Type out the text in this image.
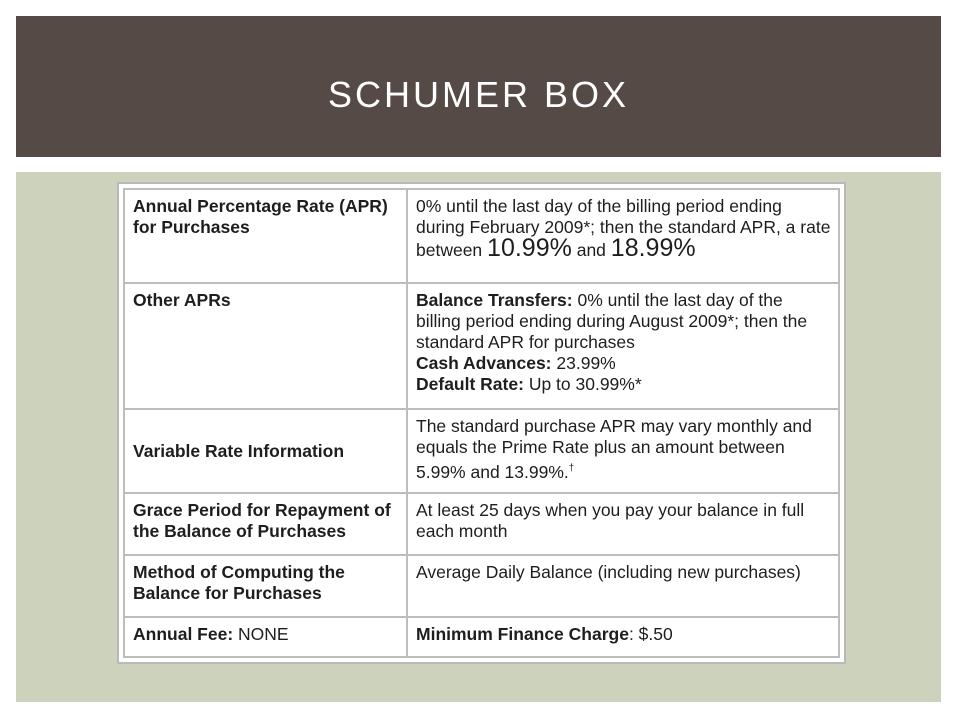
SCHUMER BOX
Annual Percentage Rate (APR) for Purchases	0% until the last day of the billing period ending during February 2009*; then the standard APR, a rate between 10.99% and 18.99%
Other APRs	Balance Transfers: 0% until the last day of the billing period ending during August 2009*; then the standard APR for purchases
Cash Advances: 23.99%
Default Rate: Up to 30.99%*
Variable Rate Information	The standard purchase APR may vary monthly and equals the Prime Rate plus an amount between 5.99% and 13.99%.†
Grace Period for Repayment of the Balance of Purchases	At least 25 days when you pay your balance in full each month
Method of Computing the Balance for Purchases	Average Daily Balance (including new purchases)
Annual Fee: NONE	Minimum Finance Charge: $.50
